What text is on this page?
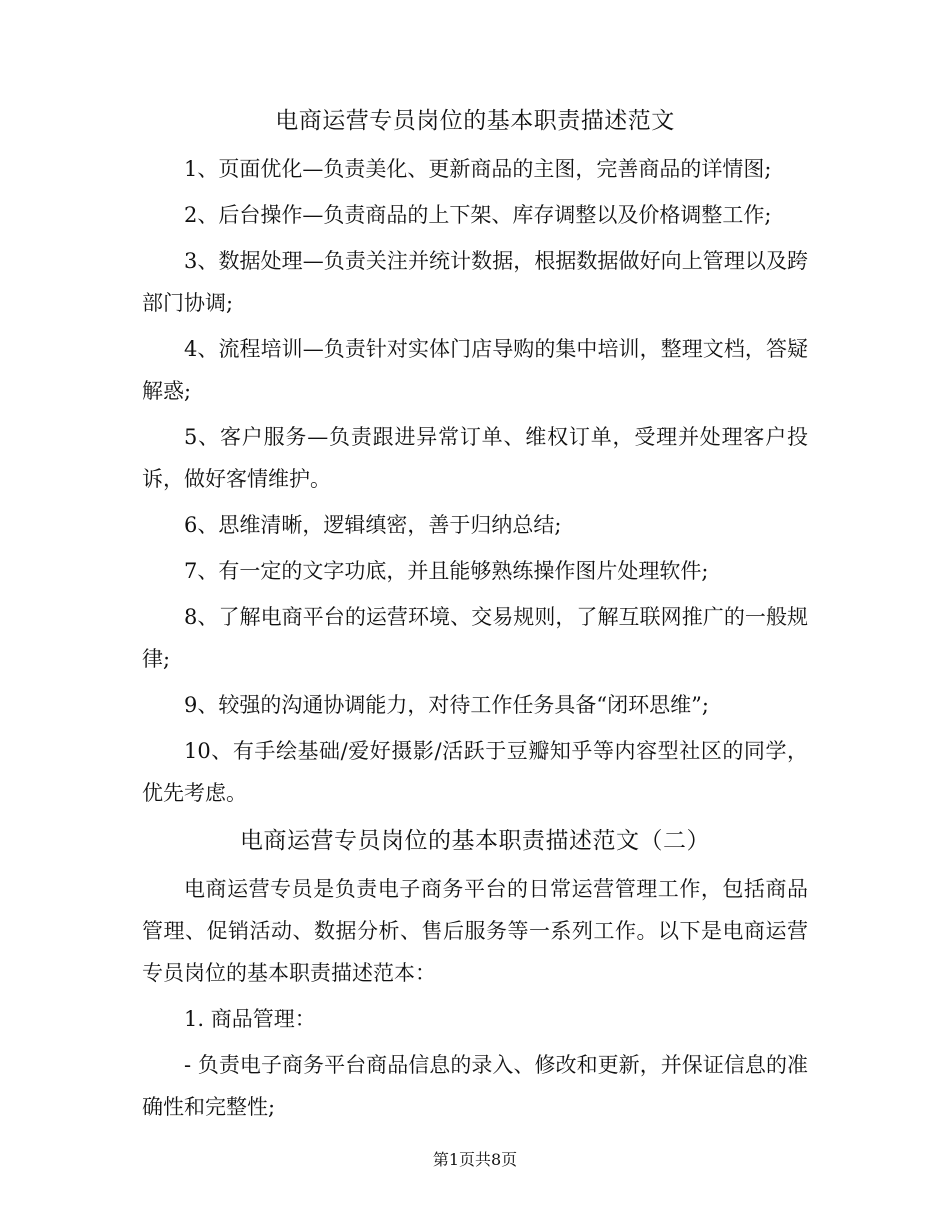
电商运营专员岗位的基本职责描述范文

1、页面优化—负责美化、更新商品的主图，完善商品的详情图;

2、后台操作—负责商品的上下架、库存调整以及价格调整工作;

3、数据处理—负责关注并统计数据，根据数据做好向上管理以及跨部门协调;

4、流程培训—负责针对实体门店导购的集中培训，整理文档，答疑解惑;

5、客户服务—负责跟进异常订单、维权订单，受理并处理客户投诉，做好客情维护。

6、思维清晰，逻辑缜密，善于归纳总结;

7、有一定的文字功底，并且能够熟练操作图片处理软件;

8、了解电商平台的运营环境、交易规则，了解互联网推广的一般规律;

9、较强的沟通协调能力，对待工作任务具备“闭环思维”;

10、有手绘基础/爱好摄影/活跃于豆瓣知乎等内容型社区的同学，优先考虑。

电商运营专员岗位的基本职责描述范文（二）

电商运营专员是负责电子商务平台的日常运营管理工作，包括商品管理、促销活动、数据分析、售后服务等一系列工作。以下是电商运营专员岗位的基本职责描述范本：

1. 商品管理：

- 负责电子商务平台商品信息的录入、修改和更新，并保证信息的准确性和完整性;

第1页共8页
